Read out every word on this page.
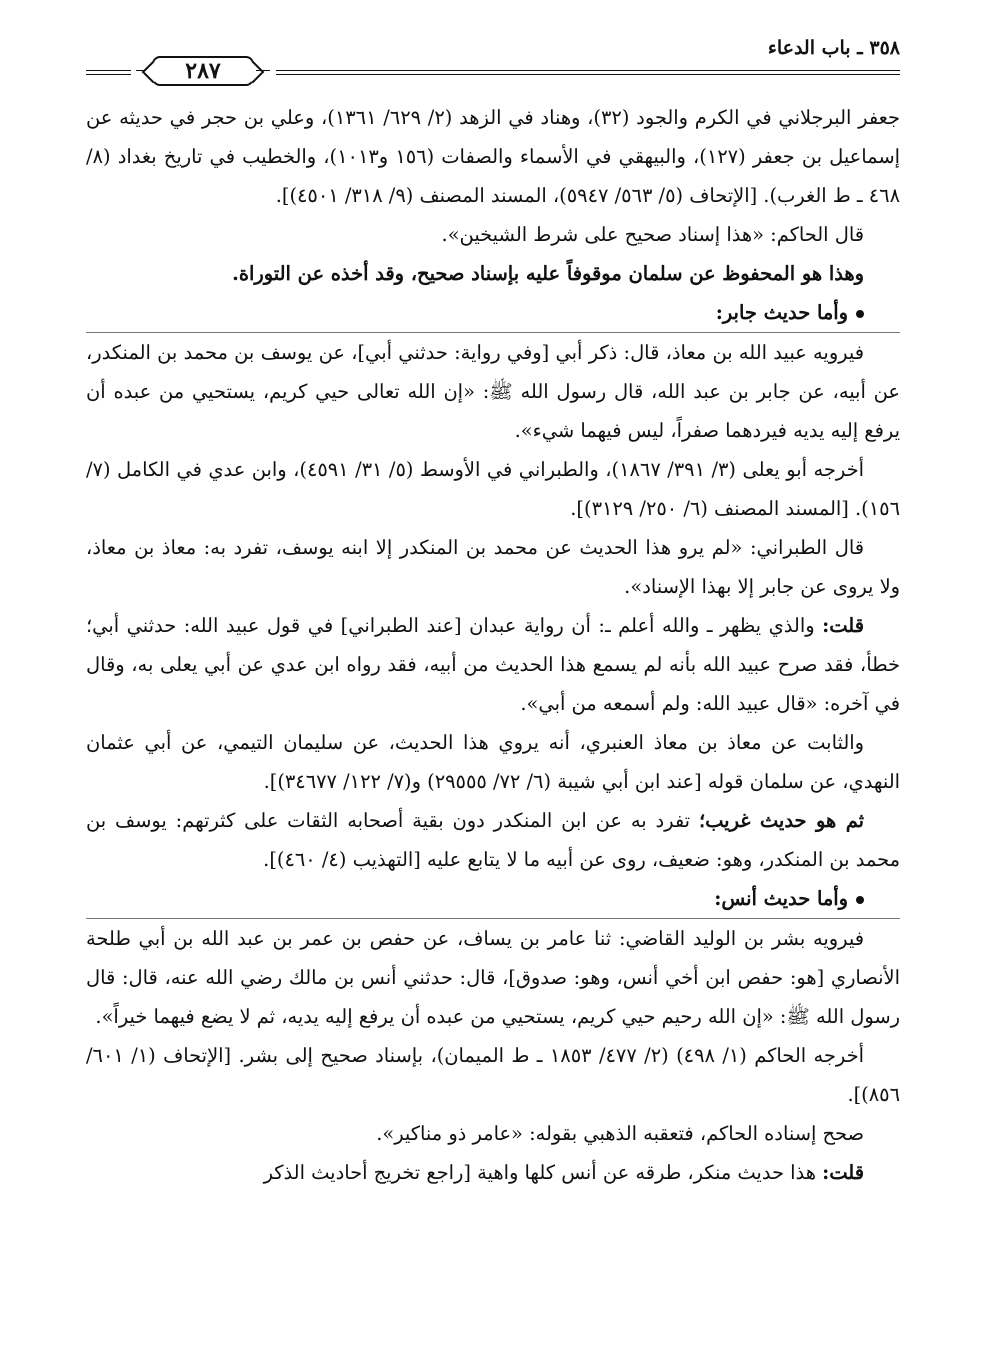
٣٥٨ ـ باب الدعاء
٢٨٧

جعفر البرجلاني في الكرم والجود (٣٢)، وهناد في الزهد (٢/ ٦٢٩/ ١٣٦١)، وعلي بن حجر في حديثه عن إسماعيل بن جعفر (١٢٧)، والبيهقي في الأسماء والصفات (١٥٦ و١٠١٣)، والخطيب في تاريخ بغداد (٨/ ٤٦٨ ـ ط الغرب). [الإتحاف (٥/ ٥٦٣/ ٥٩٤٧)، المسند المصنف (٩/ ٣١٨/ ٤٥٠١)].

قال الحاكم: «هذا إسناد صحيح على شرط الشيخين».

وهذا هو المحفوظ عن سلمان موقوفاً عليه بإسناد صحيح، وقد أخذه عن التوراة.

وأما حديث جابر:

فيرويه عبيد الله بن معاذ، قال: ذكر أبي [وفي رواية: حدثني أبي]، عن يوسف بن محمد بن المنكدر، عن أبيه، عن جابر بن عبد الله، قال رسول الله ﷺ: «إن الله تعالى حيي كريم، يستحيي من عبده أن يرفع إليه يديه فيردهما صفراً، ليس فيهما شيء».

أخرجه أبو يعلى (٣/ ٣٩١/ ١٨٦٧)، والطبراني في الأوسط (٥/ ٣١/ ٤٥٩١)، وابن عدي في الكامل (٧/ ١٥٦). [المسند المصنف (٦/ ٢٥٠/ ٣١٢٩)].

قال الطبراني: «لم يرو هذا الحديث عن محمد بن المنكدر إلا ابنه يوسف، تفرد به: معاذ بن معاذ، ولا يروى عن جابر إلا بهذا الإسناد».

قلت: والذي يظهر ـ والله أعلم ـ: أن رواية عبدان [عند الطبراني] في قول عبيد الله: حدثني أبي؛ خطأ، فقد صرح عبيد الله بأنه لم يسمع هذا الحديث من أبيه، فقد رواه ابن عدي عن أبي يعلى به، وقال في آخره: «قال عبيد الله: ولم أسمعه من أبي».

والثابت عن معاذ بن معاذ العنبري، أنه يروي هذا الحديث، عن سليمان التيمي، عن أبي عثمان النهدي، عن سلمان قوله [عند ابن أبي شيبة (٦/ ٧٢/ ٢٩٥٥٥) و(٧/ ١٢٢/ ٣٤٦٧٧)].

ثم هو حديث غريب؛ تفرد به عن ابن المنكدر دون بقية أصحابه الثقات على كثرتهم: يوسف بن محمد بن المنكدر، وهو: ضعيف، روى عن أبيه ما لا يتابع عليه [التهذيب (٤/ ٤٦٠)].

وأما حديث أنس:

فيرويه بشر بن الوليد القاضي: ثنا عامر بن يساف، عن حفص بن عمر بن عبد الله بن أبي طلحة الأنصاري [هو: حفص ابن أخي أنس، وهو: صدوق]، قال: حدثني أنس بن مالك رضي الله عنه، قال: قال رسول الله ﷺ: «إن الله رحيم حيي كريم، يستحيي من عبده أن يرفع إليه يديه، ثم لا يضع فيهما خيراً».

أخرجه الحاكم (١/ ٤٩٨) (٢/ ٤٧٧/ ١٨٥٣ ـ ط الميمان)، بإسناد صحيح إلى بشر. [الإتحاف (١/ ٦٠١/ ٨٥٦)].

صحح إسناده الحاكم، فتعقبه الذهبي بقوله: «عامر ذو مناكير».

قلت: هذا حديث منكر، طرقه عن أنس كلها واهية [راجع تخريج أحاديث الذكر
